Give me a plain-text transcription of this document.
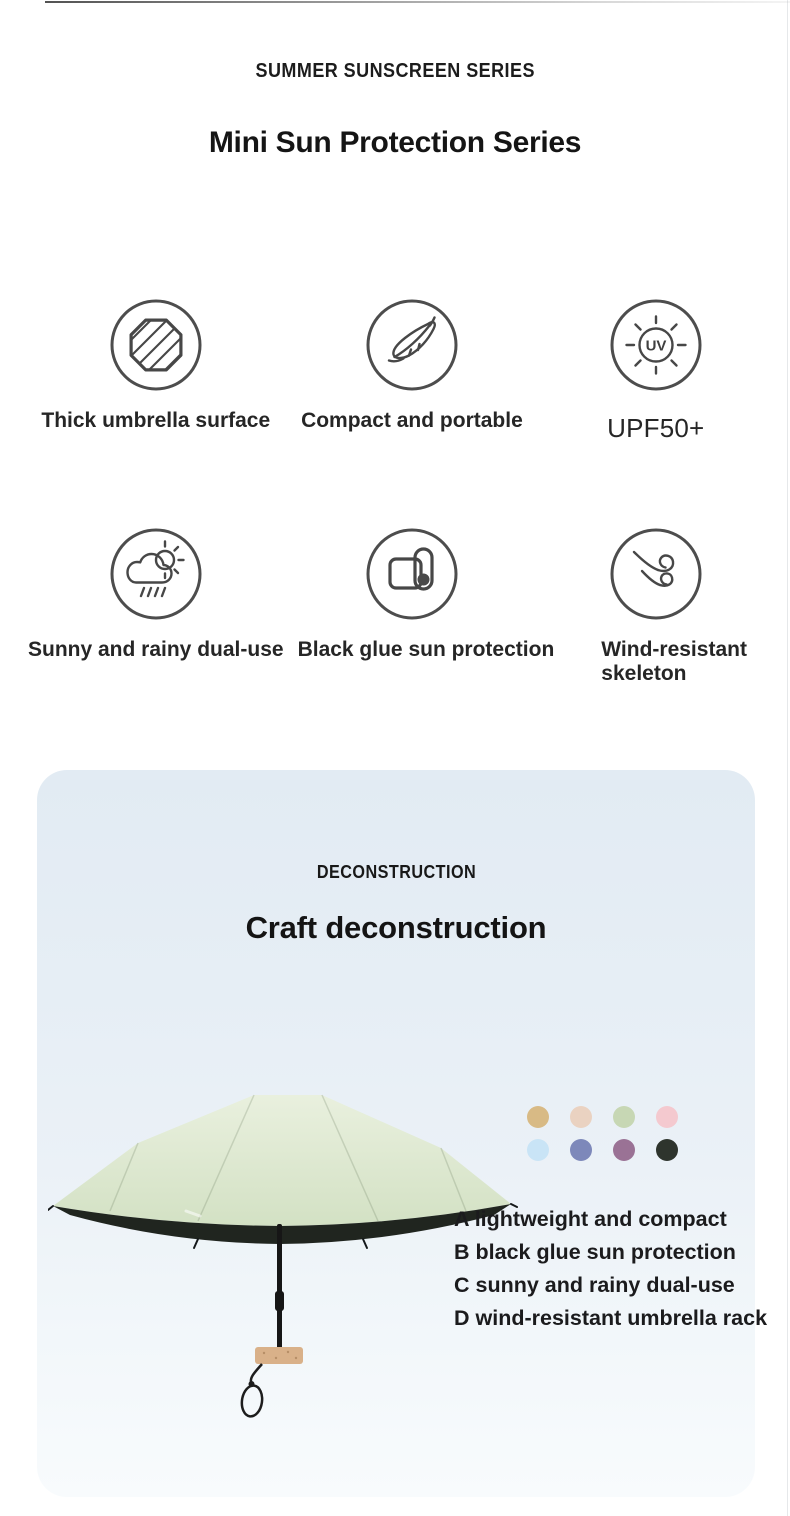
SUMMER SUNSCREEN SERIES
Mini Sun Protection Series
Thick umbrella surface Compact and portable
UV
UPF50+
Sunny and rainy dual-use Black glue sun protection Wind-resistant skeleton
DECONSTRUCTION
Craft deconstruction
A lightweight and compact
B black glue sun protection
C sunny and rainy dual-use
D wind-resistant umbrella rack
